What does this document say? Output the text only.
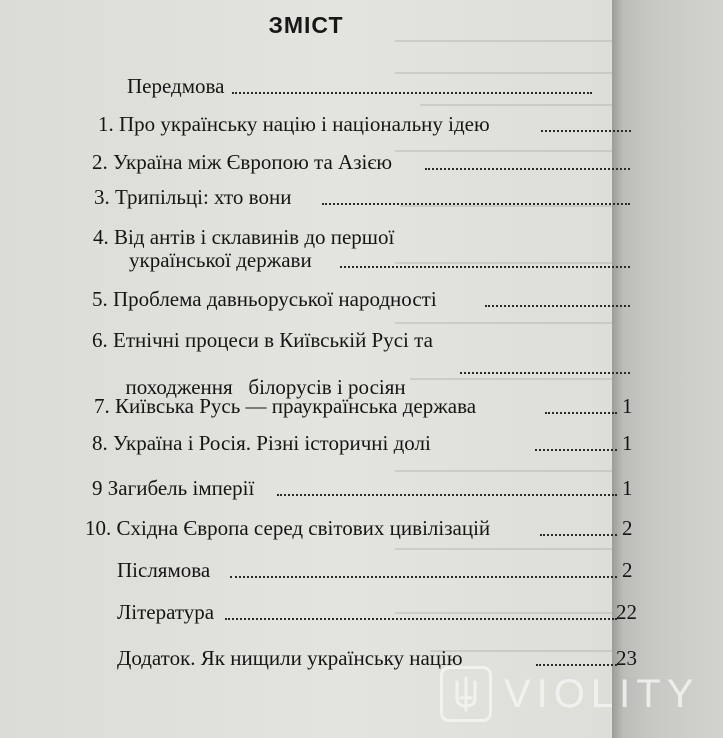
ЗМІСТ
Передмова
1. Про українську націю і національну ідею
2. Україна між Європою та Азією
3. Трипільці: хто вони
4. Від антів і склавинів до першої
української держави
5. Проблема давньоруської народності
6. Етнічні процеси в Київській Русі та

походження   білорусів і росіян

7. Київська Русь — праукраїнська держава	1
8. Україна і Росія. Різні історичні долі	1
9 Загибель імперії	1
10. Східна Європа серед світових цивілізацій	2
Післямова	2
Література	22
Додаток. Як нищили українську націю	23
VIOLITY
